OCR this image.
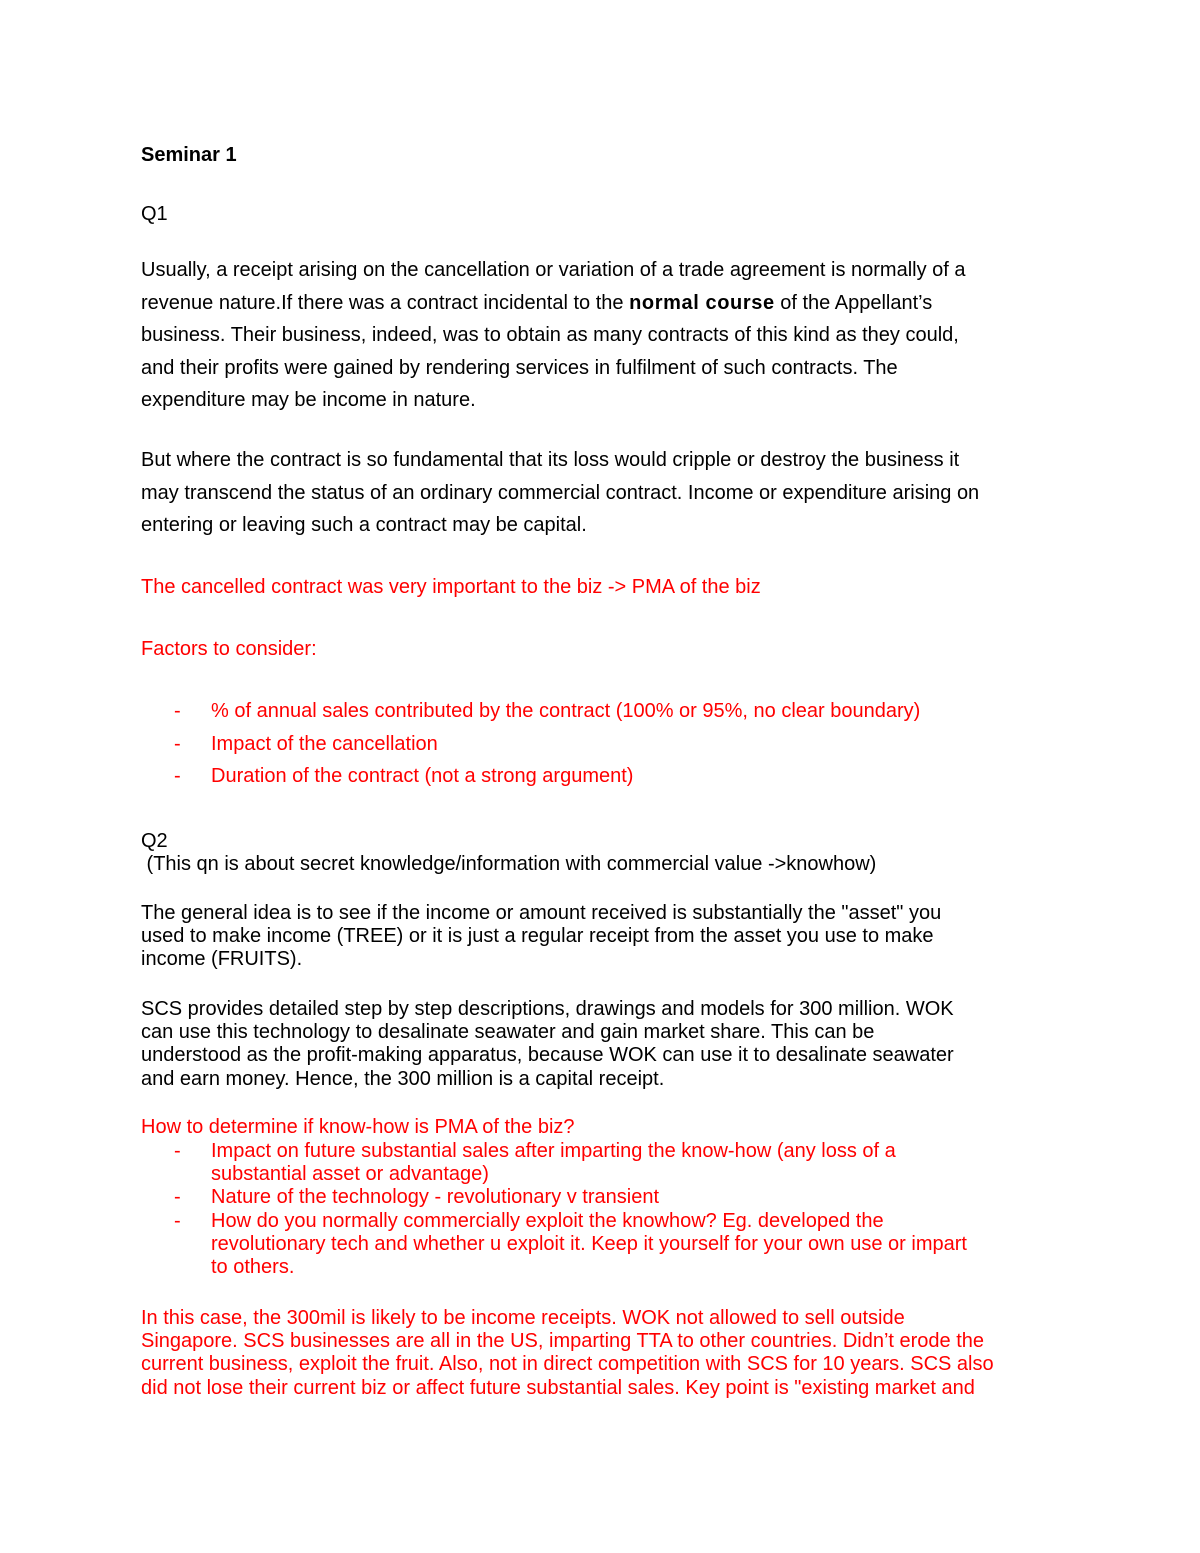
Seminar 1

Q1

Usually, a receipt arising on the cancellation or variation of a trade agreement is normally of a
revenue nature.If there was a contract incidental to the normal course of the Appellant’s
business. Their business, indeed, was to obtain as many contracts of this kind as they could,
and their profits were gained by rendering services in fulfilment of such contracts. The
expenditure may be income in nature.
But where the contract is so fundamental that its loss would cripple or destroy the business it
may transcend the status of an ordinary commercial contract. Income or expenditure arising on
entering or leaving such a contract may be capital.

The cancelled contract was very important to the biz -> PMA of the biz

Factors to consider:

- % of annual sales contributed by the contract (100% or 95%, no clear boundary)
- Impact of the cancellation
- Duration of the contract (not a strong argument)
Q2
(This qn is about secret knowledge/information with commercial value ->knowhow)
The general idea is to see if the income or amount received is substantially the "asset" you
used to make income (TREE) or it is just a regular receipt from the asset you use to make
income (FRUITS).
SCS provides detailed step by step descriptions, drawings and models for 300 million. WOK
can use this technology to desalinate seawater and gain market share. This can be
understood as the profit-making apparatus, because WOK can use it to desalinate seawater
and earn money. Hence, the 300 million is a capital receipt.

How to determine if know-how is PMA of the biz?

- Impact on future substantial sales after imparting the know-how (any loss of a
substantial asset or advantage)
- Nature of the technology - revolutionary v transient
- How do you normally commercially exploit the knowhow? Eg. developed the
revolutionary tech and whether u exploit it. Keep it yourself for your own use or impart
to others.
In this case, the 300mil is likely to be income receipts. WOK not allowed to sell outside
Singapore. SCS businesses are all in the US, imparting TTA to other countries. Didn’t erode the
current business, exploit the fruit. Also, not in direct competition with SCS for 10 years. SCS also
did not lose their current biz or affect future substantial sales. Key point is "existing market and
